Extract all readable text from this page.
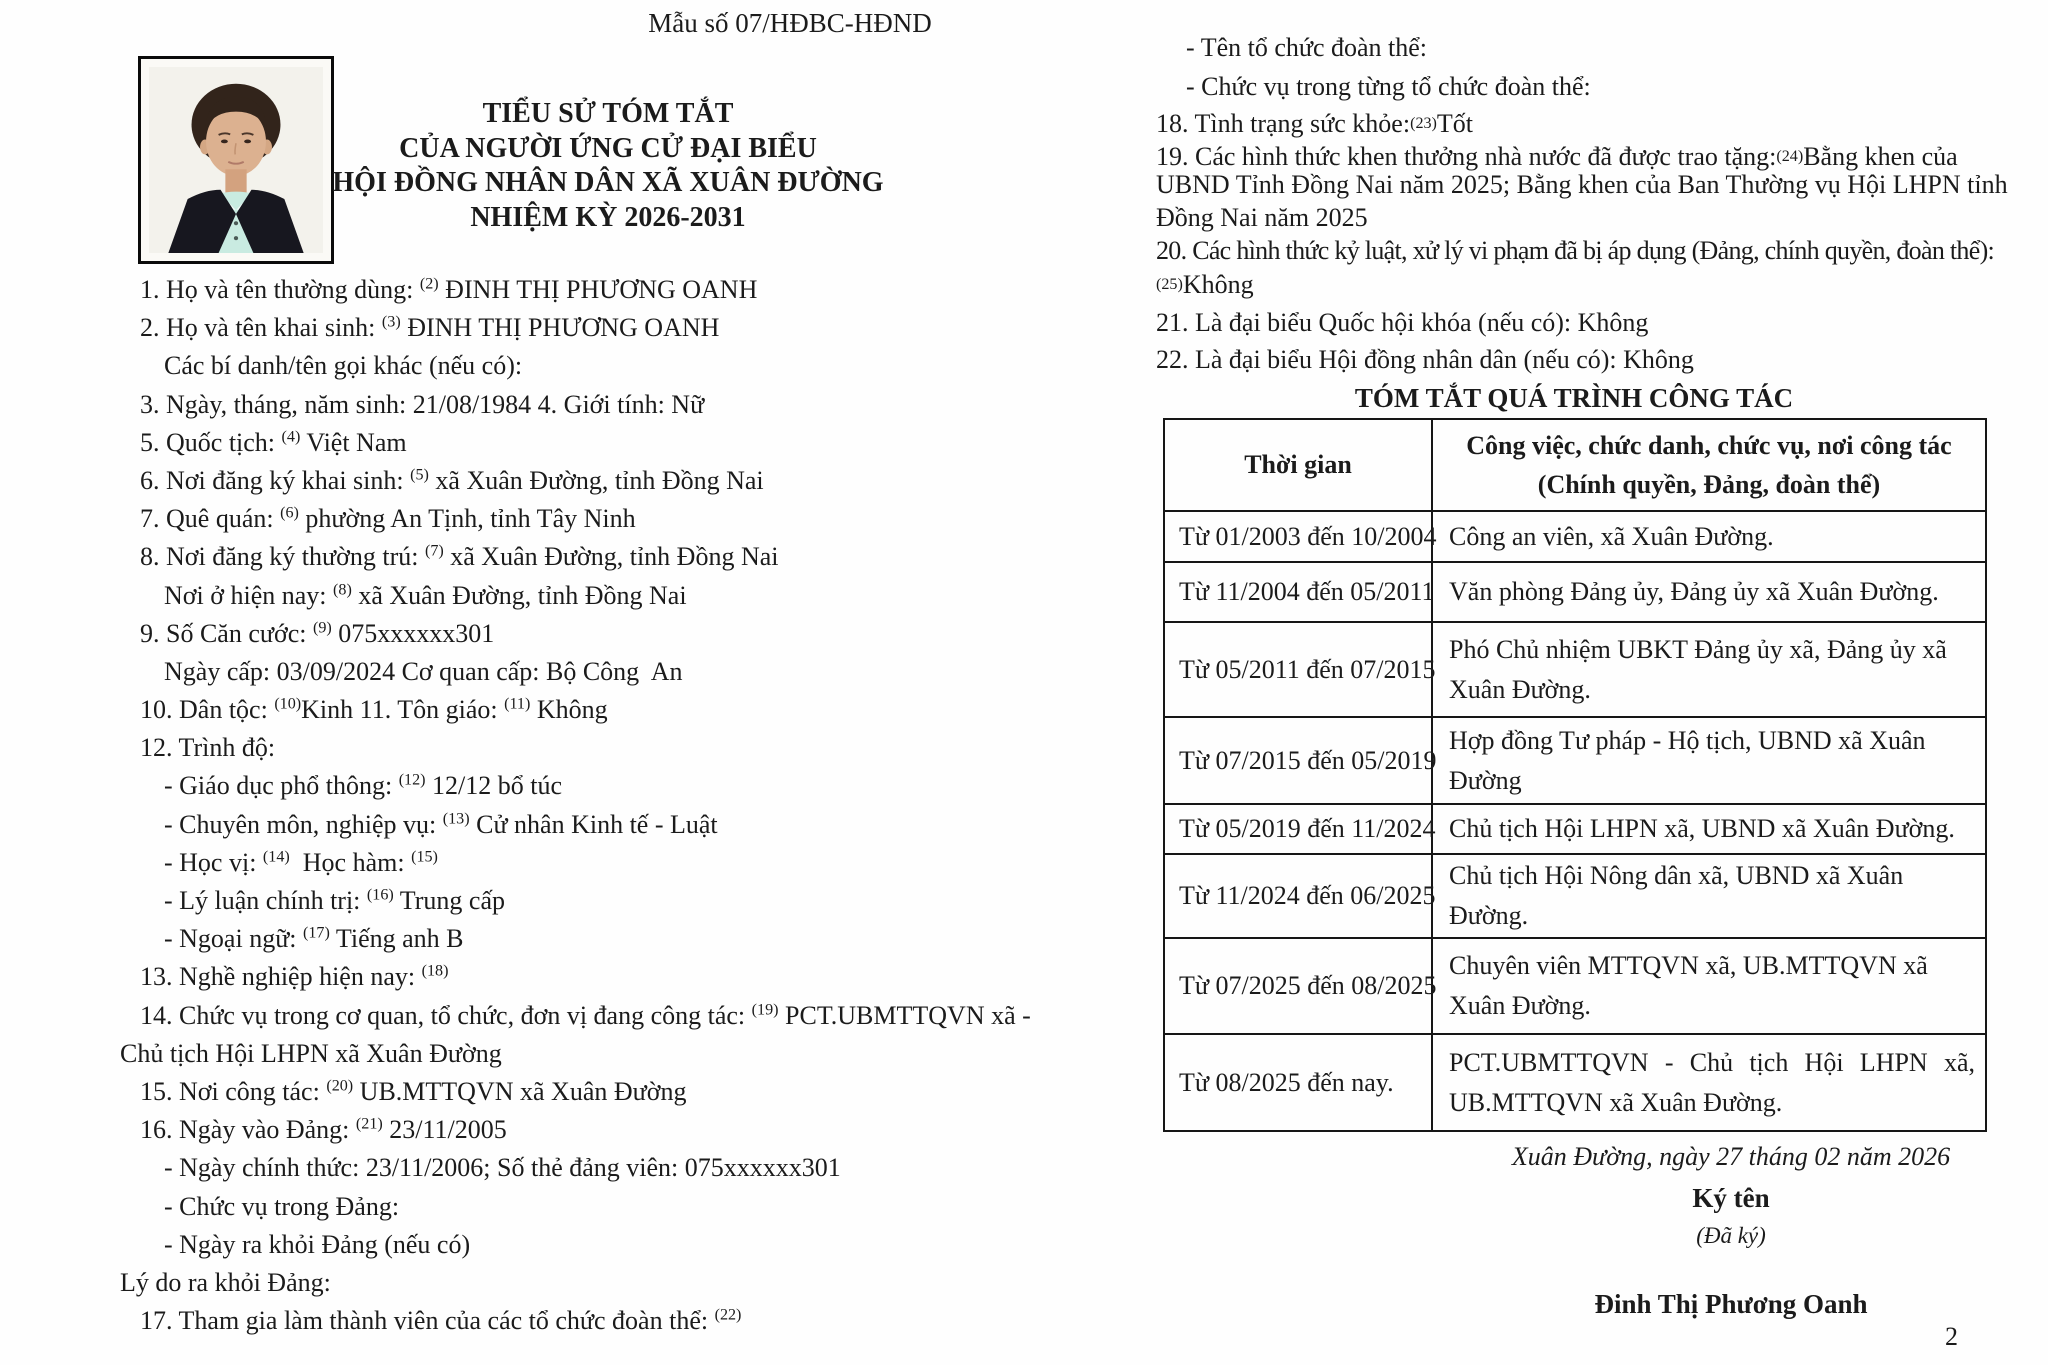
Mẫu số 07/HĐBC-HĐND
TIỂU SỬ TÓM TẮT
CỦA NGƯỜI ỨNG CỬ ĐẠI BIỂU
HỘI ĐỒNG NHÂN DÂN XÃ XUÂN ĐƯỜNG
NHIỆM KỲ 2026-2031
1. Họ và tên thường dùng: $^{(2)}$ ĐINH THỊ PHƯƠNG OANH
2. Họ và tên khai sinh: $^{(3)}$ ĐINH THỊ PHƯƠNG OANH
Các bí danh/tên gọi khác (nếu có):
3. Ngày, tháng, năm sinh: 21/08/1984 4. Giới tính: Nữ
5. Quốc tịch: $^{(4)}$ Việt Nam
6. Nơi đăng ký khai sinh: $^{(5)}$ xã Xuân Đường, tỉnh Đồng Nai
7. Quê quán: $^{(6)}$ phường An Tịnh, tỉnh Tây Ninh
8. Nơi đăng ký thường trú: $^{(7)}$ xã Xuân Đường, tỉnh Đồng Nai
Nơi ở hiện nay: $^{(8)}$ xã Xuân Đường, tỉnh Đồng Nai
9. Số Căn cước: $^{(9)}$ 075xxxxxx301
Ngày cấp: 03/09/2024 Cơ quan cấp: Bộ Công  An
10. Dân tộc: $^{(10)}$Kinh 11. Tôn giáo: $^{(11)}$ Không
12. Trình độ:
- Giáo dục phổ thông: $^{(12)}$ 12/12 bổ túc
- Chuyên môn, nghiệp vụ: $^{(13)}$ Cử nhân Kinh tế - Luật
- Học vị: $^{(14)}$  Học hàm: $^{(15)}$
- Lý luận chính trị: $^{(16)}$ Trung cấp
- Ngoại ngữ: $^{(17)}$ Tiếng anh B
13. Nghề nghiệp hiện nay: $^{(18)}$
14. Chức vụ trong cơ quan, tổ chức, đơn vị đang công tác: $^{(19)}$ PCT.UBMTTQVN xã -
Chủ tịch Hội LHPN xã Xuân Đường
15. Nơi công tác: $^{(20)}$ UB.MTTQVN xã Xuân Đường
16. Ngày vào Đảng: $^{(21)}$ 23/11/2005
- Ngày chính thức: 23/11/2006; Số thẻ đảng viên: 075xxxxxx301
- Chức vụ trong Đảng:
- Ngày ra khỏi Đảng (nếu có)
Lý do ra khỏi Đảng:
17. Tham gia làm thành viên của các tổ chức đoàn thể: $^{(22)}$
- Tên tổ chức đoàn thể:
- Chức vụ trong từng tổ chức đoàn thể:
18. Tình trạng sức khỏe: (23) Tốt
19. Các hình thức khen thưởng nhà nước đã được trao tặng: (24) Bằng khen của
UBND Tỉnh Đồng Nai năm 2025; Bằng khen của Ban Thường vụ Hội LHPN tỉnh
Đồng Nai năm 2025
20. Các hình thức kỷ luật, xử lý vi phạm đã bị áp dụng (Đảng, chính quyền, đoàn thể):
(25) Không
21. Là đại biểu Quốc hội khóa (nếu có): Không
22. Là đại biểu Hội đồng nhân dân (nếu có): Không
TÓM TẮT QUÁ TRÌNH CÔNG TÁC
Thời gian	Công việc, chức danh, chức vụ, nơi công tác
(Chính quyền, Đảng, đoàn thể)

Từ 01/2003 đến 10/2004	Công an viên, xã Xuân Đường.
Từ 11/2004 đến 05/2011	Văn phòng Đảng ủy, Đảng ủy xã Xuân Đường.
Từ 05/2011 đến 07/2015	Phó Chủ nhiệm UBKT Đảng ủy xã, Đảng ủy xã Xuân Đường.
Từ 07/2015 đến 05/2019	Hợp đồng Tư pháp - Hộ tịch, UBND xã Xuân Đường
Từ 05/2019 đến 11/2024	Chủ tịch Hội LHPN xã, UBND xã Xuân Đường.
Từ 11/2024 đến 06/2025	Chủ tịch Hội Nông dân xã, UBND xã Xuân Đường.
Từ 07/2025 đến 08/2025	Chuyên viên MTTQVN xã, UB.MTTQVN xã Xuân Đường.
Từ 08/2025 đến nay.	PCT.UBMTTQVN - Chủ tịch Hội LHPN xã, UB.MTTQVN xã Xuân Đường.
Xuân Đường, ngày 27 tháng 02 năm 2026
Ký tên
(Đã ký)
Đinh Thị Phương Oanh
2
